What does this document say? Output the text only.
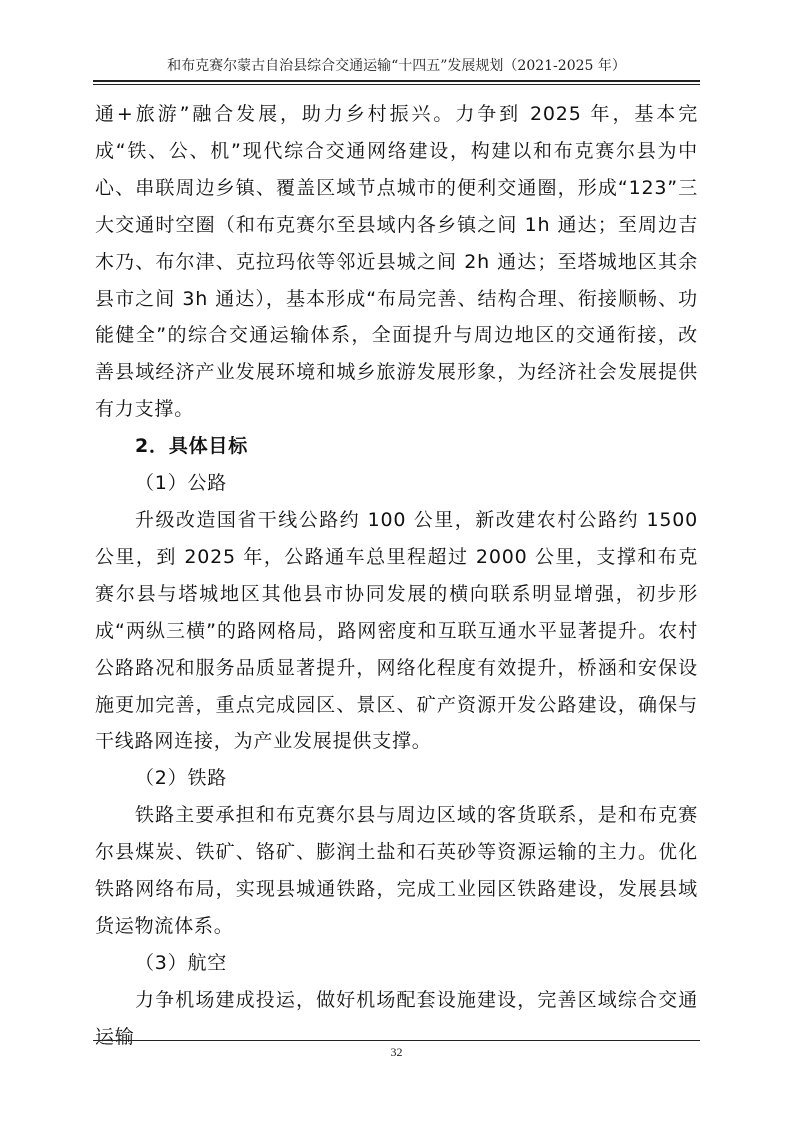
和布克赛尔蒙古自治县综合交通运输“十四五”发展规划（2021-2025 年）

通+旅游”融合发展，助力乡村振兴。力争到 2025 年，基本完成“铁、公、机”现代综合交通网络建设，构建以和布克赛尔县为中心、串联周边乡镇、覆盖区域节点城市的便利交通圈，形成“123”三大交通时空圈（和布克赛尔至县域内各乡镇之间 1h 通达；至周边吉木乃、布尔津、克拉玛依等邻近县城之间 2h 通达；至塔城地区其余县市之间 3h 通达），基本形成“布局完善、结构合理、衔接顺畅、功能健全”的综合交通运输体系，全面提升与周边地区的交通衔接，改善县域经济产业发展环境和城乡旅游发展形象，为经济社会发展提供有力支撑。

2．具体目标

（1）公路

升级改造国省干线公路约 100 公里，新改建农村公路约 1500 公里，到 2025 年，公路通车总里程超过 2000 公里，支撑和布克赛尔县与塔城地区其他县市协同发展的横向联系明显增强，初步形成“两纵三横”的路网格局，路网密度和互联互通水平显著提升。农村公路路况和服务品质显著提升，网络化程度有效提升，桥涵和安保设施更加完善，重点完成园区、景区、矿产资源开发公路建设，确保与干线路网连接，为产业发展提供支撑。

（2）铁路

铁路主要承担和布克赛尔县与周边区域的客货联系，是和布克赛尔县煤炭、铁矿、铬矿、膨润土盐和石英砂等资源运输的主力。优化铁路网络布局，实现县城通铁路，完成工业园区铁路建设，发展县域货运物流体系。

（3）航空

力争机场建成投运，做好机场配套设施建设，完善区域综合交通运输

32
